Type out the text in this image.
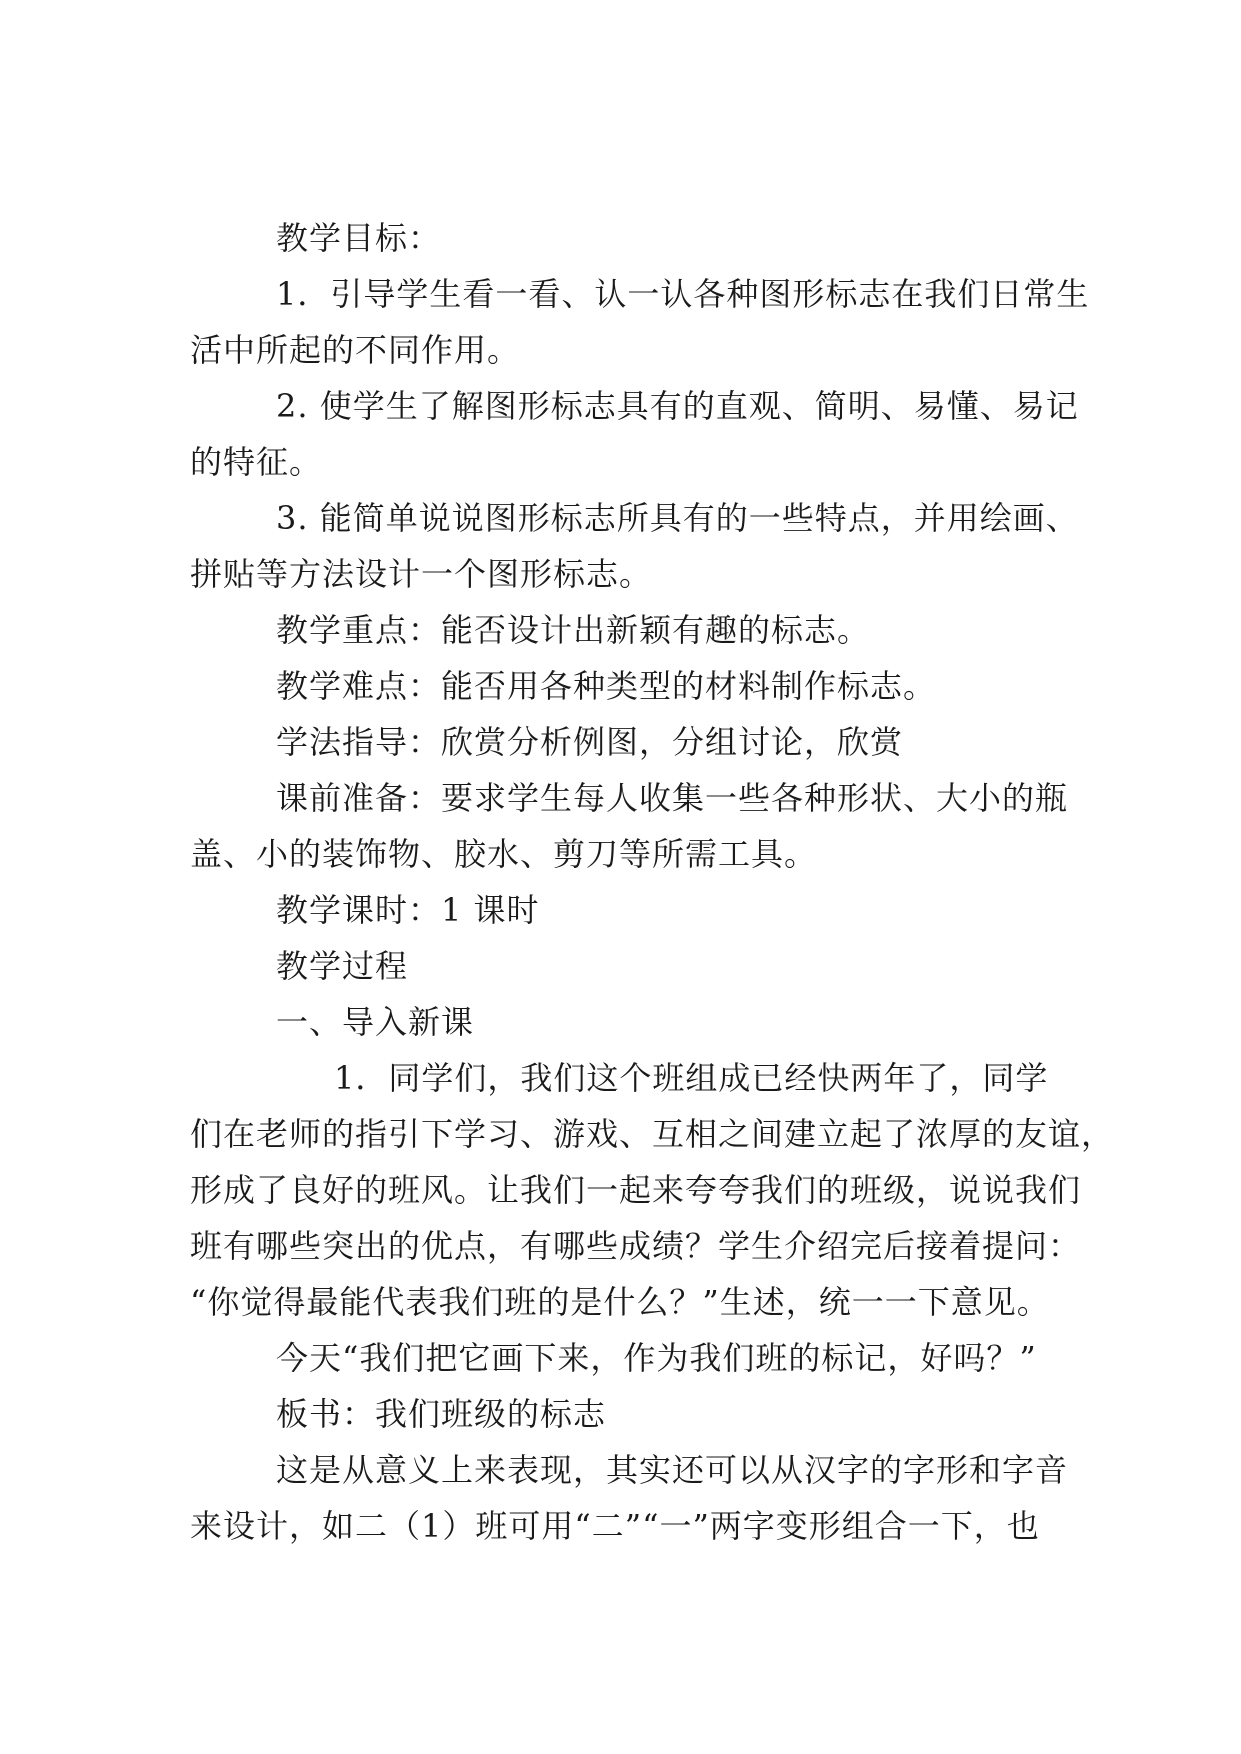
教学目标：
1．引导学生看一看、认一认各种图形标志在我们日常生
活中所起的不同作用。
2. 使学生了解图形标志具有的直观、简明、易懂、易记
的特征。
3. 能简单说说图形标志所具有的一些特点，并用绘画、
拼贴等方法设计一个图形标志。
教学重点：能否设计出新颖有趣的标志。
教学难点：能否用各种类型的材料制作标志。
学法指导：欣赏分析例图，分组讨论，欣赏
课前准备：要求学生每人收集一些各种形状、大小的瓶
盖、小的装饰物、胶水、剪刀等所需工具。
教学课时：1 课时
教学过程
一、导入新课
1．同学们，我们这个班组成已经快两年了，同学
们在老师的指引下学习、游戏、互相之间建立起了浓厚的友谊，
形成了良好的班风。让我们一起来夸夸我们的班级，说说我们
班有哪些突出的优点，有哪些成绩？学生介绍完后接着提问：
“你觉得最能代表我们班的是什么？”生述，统一一下意见。
今天“我们把它画下来，作为我们班的标记，好吗？”
板书：我们班级的标志
这是从意义上来表现，其实还可以从汉字的字形和字音
来设计，如二（1）班可用“二”“一”两字变形组合一下，也
